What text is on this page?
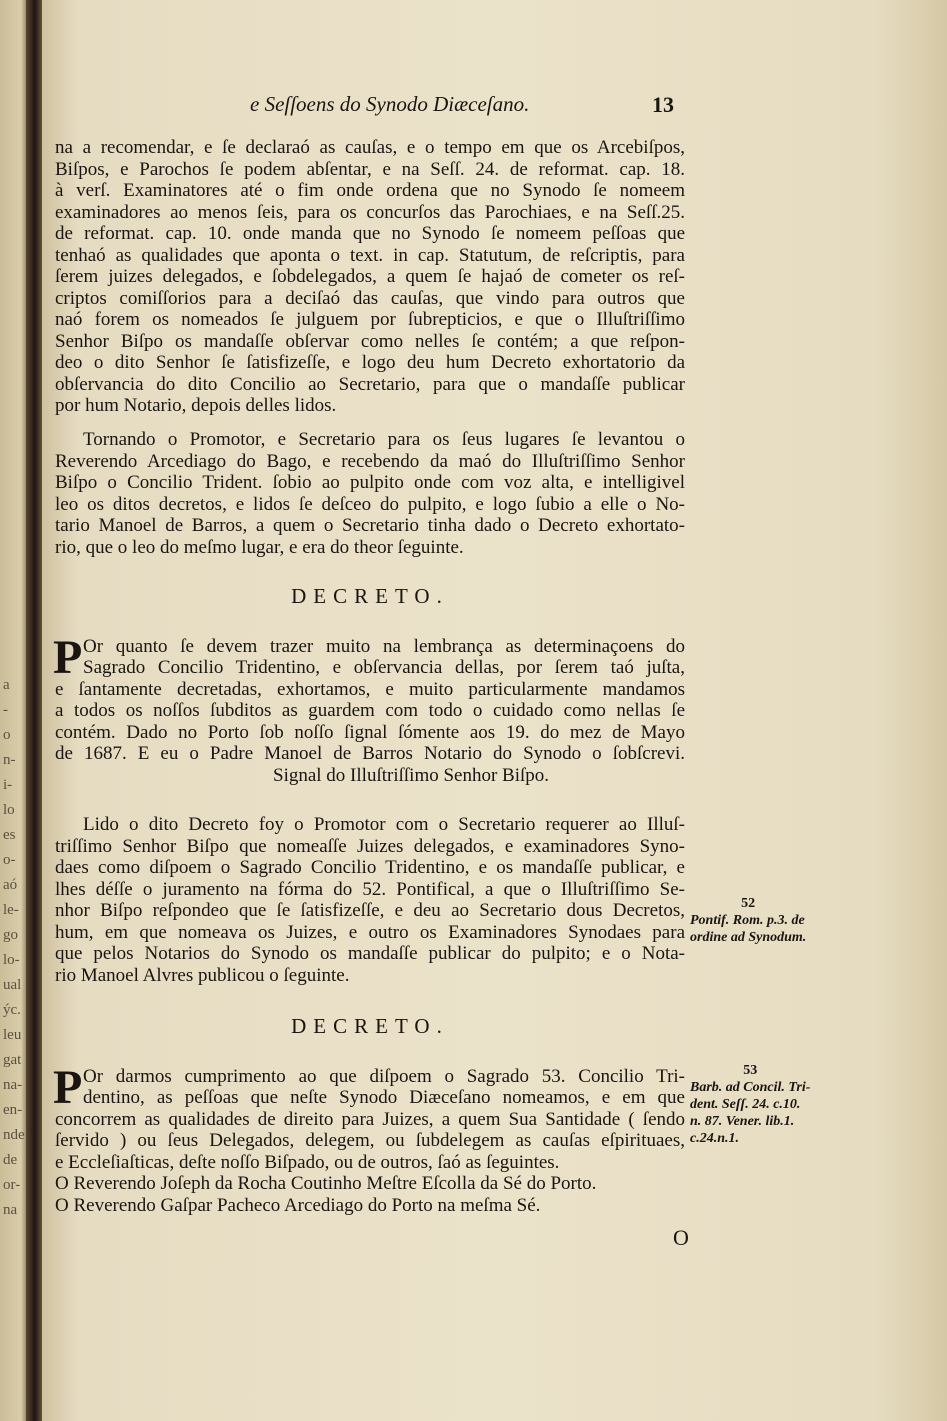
a
-
o
n-
i-
lo
es
o-
aó
le-
go
lo-
ual
ýc.
leu
gat
na-
en-
nde
de
or-
na
e Seſſoens do Synodo Diæceſano.	13
na a recomendar, e ſe declaraó as cauſas, e o tempo em que os Arcebiſpos,
Biſpos, e Parochos ſe podem abſentar, e na Seſſ. 24. de reformat. cap. 18.
à verſ. Examinatores até o fim onde ordena que no Synodo ſe nomeem
examinadores ao menos ſeis, para os concurſos das Parochiaes, e na Seſſ.25.
de reformat. cap. 10. onde manda que no Synodo ſe nomeem peſſoas que
tenhaó as qualidades que aponta o text. in cap. Statutum, de reſcriptis, para
ſerem juizes delegados, e ſobdelegados, a quem ſe hajaó de cometer os reſ-
criptos comiſſorios para a deciſaó das cauſas, que vindo para outros que
naó forem os nomeados ſe julguem por ſubrepticios, e que o Illuſtriſſimo
Senhor Biſpo os mandaſſe obſervar como nelles ſe contém; a que reſpon-
deo o dito Senhor ſe ſatisfizeſſe, e logo deu hum Decreto exhortatorio da
obſervancia do dito Concilio ao Secretario, para que o mandaſſe publicar
por hum Notario, depois delles lidos.
Tornando o Promotor, e Secretario para os ſeus lugares ſe levantou o
Reverendo Arcediago do Bago, e recebendo da maó do Illuſtriſſimo Senhor
Biſpo o Concilio Trident. ſobio ao pulpito onde com voz alta, e intelligivel
leo os ditos decretos, e lidos ſe deſceo do pulpito, e logo ſubio a elle o No-
tario Manoel de Barros, a quem o Secretario tinha dado o Decreto exhortato-
rio, que o leo do meſmo lugar, e era do theor ſeguinte.
DECRETO.
P Or quanto ſe devem trazer muito na lembrança as determinaçoens do
Sagrado Concilio Tridentino, e obſervancia dellas, por ſerem taó juſta,
e ſantamente decretadas, exhortamos, e muito particularmente mandamos
a todos os noſſos ſubditos as guardem com todo o cuidado como nellas ſe
contém. Dado no Porto ſob noſſo ſignal ſómente aos 19. do mez de Mayo
de 1687. E eu o Padre Manoel de Barros Notario do Synodo o ſobſcrevi.
Signal do Illuſtriſſimo Senhor Biſpo.
Lido o dito Decreto foy o Promotor com o Secretario requerer ao Illuſ-
triſſimo Senhor Biſpo que nomeaſſe Juizes delegados, e examinadores Syno-
daes como diſpoem o Sagrado Concilio Tridentino, e os mandaſſe publicar, e
lhes déſſe o juramento na fórma do 52. Pontifical, a que o Illuſtriſſimo Se-
nhor Biſpo reſpondeo que ſe ſatisfizeſſe, e deu ao Secretario dous Decretos,
hum, em que nomeava os Juizes, e outro os Examinadores Synodaes para
que pelos Notarios do Synodo os mandaſſe publicar do pulpito; e o Nota-
rio Manoel Alvres publicou o ſeguinte.
52
Pontif. Rom. p.3. de
ordine ad Synodum.
DECRETO.
P Or darmos cumprimento ao que diſpoem o Sagrado 53. Concilio Tri-
dentino, as peſſoas que neſte Synodo Diæceſano nomeamos, e em que
concorrem as qualidades de direito para Juizes, a quem Sua Santidade ( ſendo
ſervido ) ou ſeus Delegados, delegem, ou ſubdelegem as cauſas eſpirituaes,
e Eccleſiaſticas, deſte noſſo Biſpado, ou de outros, ſaó as ſeguintes.
O Reverendo Joſeph da Rocha Coutinho Meſtre Eſcolla da Sé do Porto.
O Reverendo Gaſpar Pacheco Arcediago do Porto na meſma Sé.
53
Barb. ad Concil. Tri-
dent. Seſſ. 24. c.10.
n. 87. Vener. lib.1.
c.24.n.1.
O
